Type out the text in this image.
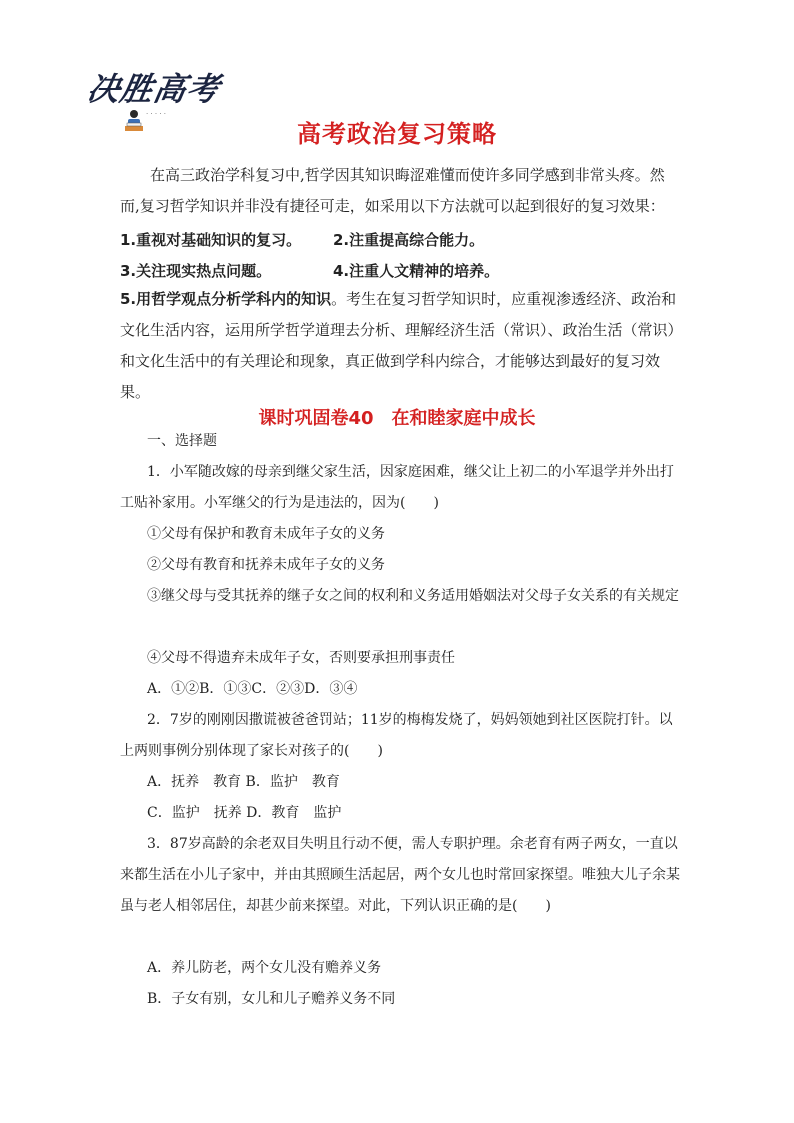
决胜高考
· · · · ·
高考政治复习策略
在高三政治学科复习中,哲学因其知识晦涩难懂而使许多同学感到非常头疼。然而,复习哲学知识并非没有捷径可走，如采用以下方法就可以起到很好的复习效果：
1.重视对基础知识的复习。 2.注重提高综合能力。
3.关注现实热点问题。	4.注重人文精神的培养。
5.用哲学观点分析学科内的知识。考生在复习哲学知识时，应重视渗透经济、政治和文化生活内容，运用所学哲学道理去分析、理解经济生活（常识）、政治生活（常识）和文化生活中的有关理论和现象，真正做到学科内综合，才能够达到最好的复习效果。
课时巩固卷40　在和睦家庭中成长
一、选择题
1．小军随改嫁的母亲到继父家生活，因家庭困难，继父让上初二的小军退学并外出打工贴补家用。小军继父的行为是违法的，因为(　　)
①父母有保护和教育未成年子女的义务
②父母有教育和抚养未成年子女的义务
③继父母与受其抚养的继子女之间的权利和义务适用婚姻法对父母子女关系的有关规定
④父母不得遗弃未成年子女，否则要承担刑事责任
A．①②B．①③C．②③D．③④
2．7岁的刚刚因撒谎被爸爸罚站；11岁的梅梅发烧了，妈妈领她到社区医院打针。以上两则事例分别体现了家长对孩子的(　　)
A．抚养　教育 B．监护　教育
C．监护　抚养 D．教育　监护
3．87岁高龄的余老双目失明且行动不便，需人专职护理。余老育有两子两女，一直以来都生活在小儿子家中，并由其照顾生活起居，两个女儿也时常回家探望。唯独大儿子余某虽与老人相邻居住，却甚少前来探望。对此，下列认识正确的是(　　)
A．养儿防老，两个女儿没有赡养义务
B．子女有别，女儿和儿子赡养义务不同
